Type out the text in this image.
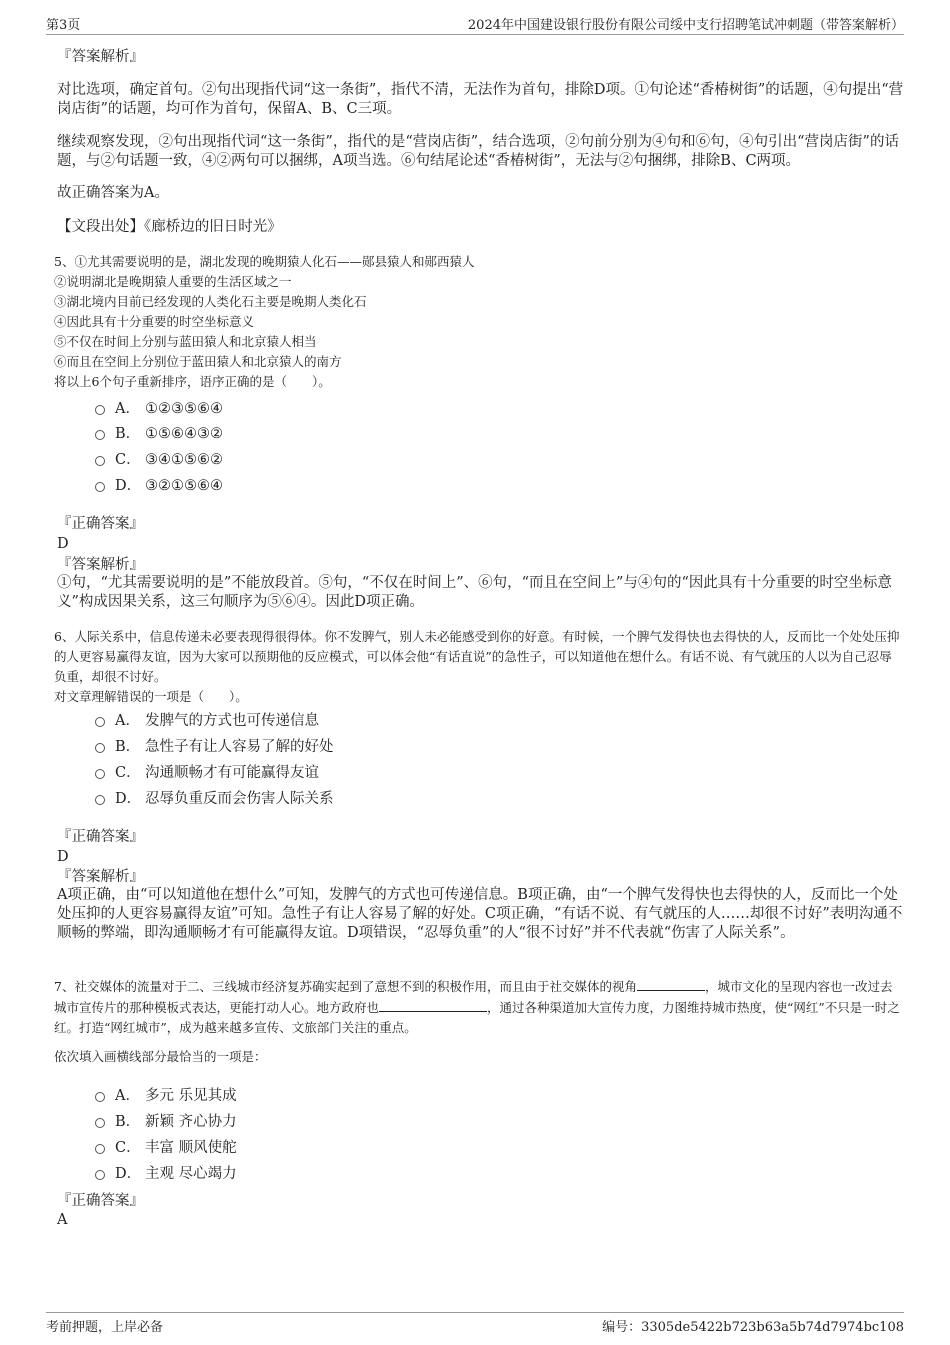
第3页	2024年中国建设银行股份有限公司绥中支行招聘笔试冲刺题（带答案解析）

『答案解析』

对比选项，确定首句。②句出现指代词“这一条街”，指代不清，无法作为首句，排除D项。①句论述“香椿树街”的话题，④句提出“营岗店街”的话题，均可作为首句，保留A、B、C三项。

继续观察发现，②句出现指代词“这一条街”，指代的是“营岗店街”，结合选项，②句前分别为④句和⑥句，④句引出“营岗店街”的话题，与②句话题一致，④②两句可以捆绑，A项当选。⑥句结尾论述“香椿树街”，无法与②句捆绑，排除B、C两项。

故正确答案为A。

【文段出处】《廊桥边的旧日时光》

5、①尤其需要说明的是，湖北发现的晚期猿人化石——郧县猿人和郧西猿人

②说明湖北是晚期猿人重要的生活区域之一

③湖北境内目前已经发现的人类化石主要是晚期人类化石

④因此具有十分重要的时空坐标意义

⑤不仅在时间上分别与蓝田猿人和北京猿人相当

⑥而且在空间上分别位于蓝田猿人和北京猿人的南方

将以上6个句子重新排序，语序正确的是（　　）。

A． ①②③⑤⑥④
B． ①⑤⑥④③②
C． ③④①⑤⑥②
D． ③②①⑤⑥④

『正确答案』

D

『答案解析』

①句，“尤其需要说明的是”不能放段首。⑤句，“不仅在时间上”、⑥句，“而且在空间上”与④句的“因此具有十分重要的时空坐标意义”构成因果关系，这三句顺序为⑤⑥④。因此D项正确。

6、人际关系中，信息传递未必要表现得很得体。你不发脾气，别人未必能感受到你的好意。有时候，一个脾气发得快也去得快的人，反而比一个处处压抑的人更容易赢得友谊，因为大家可以预期他的反应模式，可以体会他“有话直说”的急性子，可以知道他在想什么。有话不说、有气就压的人以为自己忍辱负重，却很不讨好。

对文章理解错误的一项是（　　）。

A． 发脾气的方式也可传递信息
B． 急性子有让人容易了解的好处
C． 沟通顺畅才有可能赢得友谊
D． 忍辱负重反而会伤害人际关系

『正确答案』

D

『答案解析』

A项正确，由“可以知道他在想什么”可知，发脾气的方式也可传递信息。B项正确，由“一个脾气发得快也去得快的人，反而比一个处处压抑的人更容易赢得友谊”可知。急性子有让人容易了解的好处。C项正确，“有话不说、有气就压的人……却很不讨好”表明沟通不顺畅的弊端，即沟通顺畅才有可能赢得友谊。D项错误，“忍辱负重”的人“很不讨好”并不代表就“伤害了人际关系”。

7、社交媒体的流量对于二、三线城市经济复苏确实起到了意想不到的积极作用，而且由于社交媒体的视角	，城市文化的呈现内容也一改过去城市宣传片的那种模板式表达，更能打动人心。地方政府也	，通过各种渠道加大宣传力度，力图维持城市热度，使“网红”不只是一时之红。打造“网红城市”，成为越来越多宣传、文旅部门关注的重点。

依次填入画横线部分最恰当的一项是：

A． 多元 乐见其成
B． 新颖 齐心协力
C． 丰富 顺风使舵
D． 主观 尽心竭力

『正确答案』

A

考前押题，上岸必备	编号：3305de5422b723b63a5b74d7974bc108
